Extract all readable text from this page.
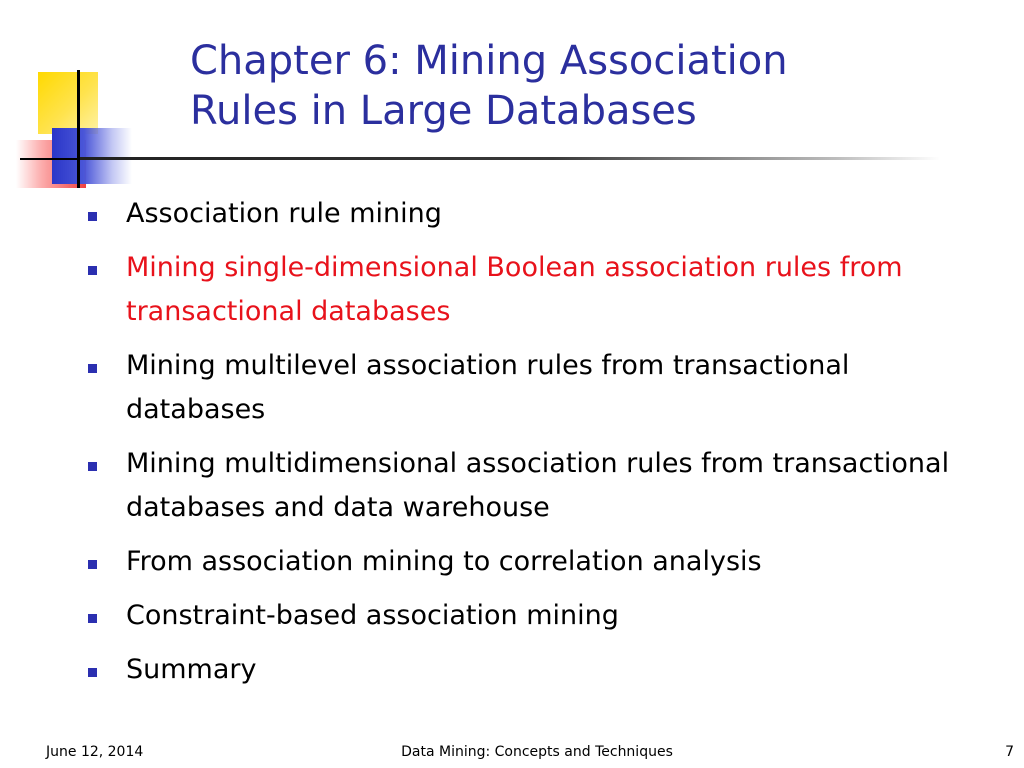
Chapter 6: Mining Association
Rules in Large Databases
Association rule mining
Mining single-dimensional Boolean association rules from transactional databases
Mining multilevel association rules from transactional databases
Mining multidimensional association rules from transactional databases and data warehouse
From association mining to correlation analysis
Constraint-based association mining
Summary
June 12, 2014	Data Mining: Concepts and Techniques	7
